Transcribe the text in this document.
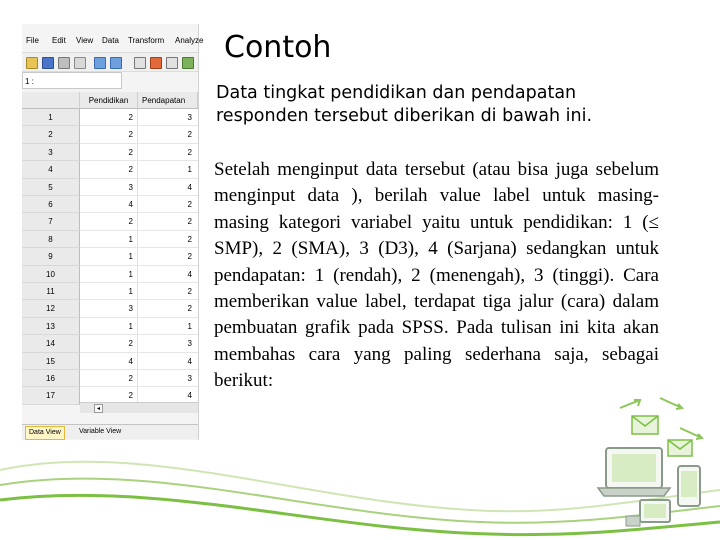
File Edit View Data Transform Analyze
1 :
Pendidikan	Pendapatan
1	2	3
2	2	2
3	2	2
4	2	1
5	3	4
6	4	2
7	2	2
8	1	2
9	1	2
10	1	4
11	1	2
12	3	2
13	1	1
14	2	3
15	4	4
16	2	3
17	2	4
◂
Data View	Variable View
Contoh
Data tingkat pendidikan dan pendapatan responden tersebut diberikan di bawah ini.
Setelah menginput data tersebut (atau bisa juga sebelum menginput data ), berilah value label untuk masing-masing kategori variabel yaitu untuk pendidikan: 1 (≤ SMP), 2 (SMA), 3 (D3), 4 (Sarjana) sedangkan untuk pendapatan: 1 (rendah), 2 (menengah), 3 (tinggi). Cara memberikan value label, terdapat tiga jalur (cara) dalam pembuatan grafik pada SPSS. Pada tulisan ini kita akan membahas cara yang paling sederhana saja, sebagai berikut:
